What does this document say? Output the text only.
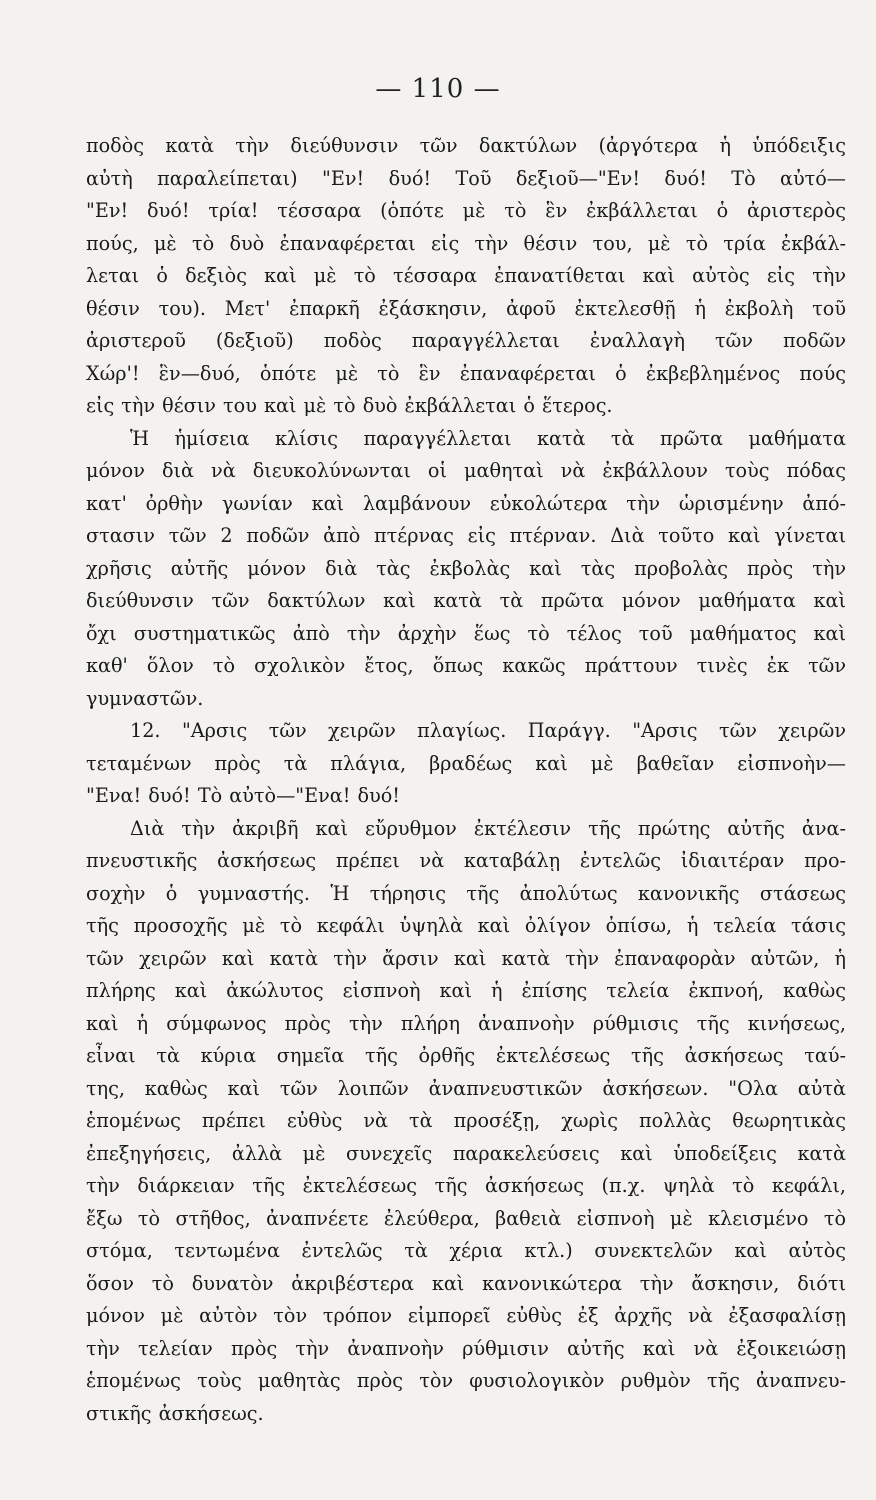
— 110 —
ποδὸς κατὰ τὴν διεύθυνσιν τῶν δακτύλων (ἀργότερα ἡ ὑπόδειξις
αὐτὴ παραλείπεται) "Εν! δυό! Τοῦ δεξιοῦ—"Εν! δυό! Τὸ αὐτό—
"Εν! δυό! τρία! τέσσαρα (ὁπότε μὲ τὸ ἓν ἐκβάλλεται ὁ ἀριστερὸς
πούς, μὲ τὸ δυὸ ἐπαναφέρεται εἰς τὴν θέσιν του, μὲ τὸ τρία ἐκβάλ-
λεται ὁ δεξιὸς καὶ μὲ τὸ τέσσαρα ἐπανατίθεται καὶ αὐτὸς εἰς τὴν
θέσιν του). Μετ' ἐπαρκῆ ἐξάσκησιν, ἀφοῦ ἐκτελεσθῇ ἡ ἐκβολὴ τοῦ
ἀριστεροῦ (δεξιοῦ) ποδὸς παραγγέλλεται ἐναλλαγὴ τῶν ποδῶν
Χώρ'! ἓν—δυό, ὁπότε μὲ τὸ ἓν ἐπαναφέρεται ὁ ἐκβεβλημένος πούς
εἰς τὴν θέσιν του καὶ μὲ τὸ δυὸ ἐκβάλλεται ὁ ἕτερος.
Ἡ ἡμίσεια κλίσις παραγγέλλεται κατὰ τὰ πρῶτα μαθήματα
μόνον διὰ νὰ διευκολύνωνται οἱ μαθηταὶ νὰ ἐκβάλλουν τοὺς πόδας
κατ' ὀρθὴν γωνίαν καὶ λαμβάνουν εὐκολώτερα τὴν ὡρισμένην ἀπό-
στασιν τῶν 2 ποδῶν ἀπὸ πτέρνας εἰς πτέρναν. Διὰ τοῦτο καὶ γίνεται
χρῆσις αὐτῆς μόνον διὰ τὰς ἐκβολὰς καὶ τὰς προβολὰς πρὸς τὴν
διεύθυνσιν τῶν δακτύλων καὶ κατὰ τὰ πρῶτα μόνον μαθήματα καὶ
ὄχι συστηματικῶς ἀπὸ τὴν ἀρχὴν ἕως τὸ τέλος τοῦ μαθήματος καὶ
καθ' ὅλον τὸ σχολικὸν ἔτος, ὅπως κακῶς πράττουν τινὲς ἐκ τῶν
γυμναστῶν.
12. "Αρσις τῶν χειρῶν πλαγίως. Παράγγ. "Αρσις τῶν χειρῶν
τεταμένων πρὸς τὰ πλάγια, βραδέως καὶ μὲ βαθεῖαν εἰσπνοὴν—
"Ενα! δυό! Τὸ αὐτὸ—"Ενα! δυό!
Διὰ τὴν ἀκριβῆ καὶ εὔρυθμον ἐκτέλεσιν τῆς πρώτης αὐτῆς ἀνα-
πνευστικῆς ἀσκήσεως πρέπει νὰ καταβάλῃ ἐντελῶς ἰδιαιτέραν προ-
σοχὴν ὁ γυμναστής. Ἡ τήρησις τῆς ἀπολύτως κανονικῆς στάσεως
τῆς προσοχῆς μὲ τὸ κεφάλι ὑψηλὰ καὶ ὀλίγον ὀπίσω, ἡ τελεία τάσις
τῶν χειρῶν καὶ κατὰ τὴν ἄρσιν καὶ κατὰ τὴν ἐπαναφορὰν αὐτῶν, ἡ
πλήρης καὶ ἀκώλυτος εἰσπνοὴ καὶ ἡ ἐπίσης τελεία ἐκπνοή, καθὼς
καὶ ἡ σύμφωνος πρὸς τὴν πλήρη ἀναπνοὴν ρύθμισις τῆς κινήσεως,
εἶναι τὰ κύρια σημεῖα τῆς ὀρθῆς ἐκτελέσεως τῆς ἀσκήσεως ταύ-
της, καθὼς καὶ τῶν λοιπῶν ἀναπνευστικῶν ἀσκήσεων. "Ολα αὐτὰ
ἑπομένως πρέπει εὐθὺς νὰ τὰ προσέξῃ, χωρὶς πολλὰς θεωρητικὰς
ἐπεξηγήσεις, ἀλλὰ μὲ συνεχεῖς παρακελεύσεις καὶ ὑποδείξεις κατὰ
τὴν διάρκειαν τῆς ἐκτελέσεως τῆς ἀσκήσεως (π.χ. ψηλὰ τὸ κεφάλι,
ἔξω τὸ στῆθος, ἀναπνέετε ἐλεύθερα, βαθειὰ εἰσπνοὴ μὲ κλεισμένο τὸ
στόμα, τεντωμένα ἐντελῶς τὰ χέρια κτλ.) συνεκτελῶν καὶ αὐτὸς
ὅσον τὸ δυνατὸν ἀκριβέστερα καὶ κανονικώτερα τὴν ἄσκησιν, διότι
μόνον μὲ αὐτὸν τὸν τρόπον εἰμπορεῖ εὐθὺς ἐξ ἀρχῆς νὰ ἐξασφαλίσῃ
τὴν τελείαν πρὸς τὴν ἀναπνοὴν ρύθμισιν αὐτῆς καὶ νὰ ἐξοικειώσῃ
ἑπομένως τοὺς μαθητὰς πρὸς τὸν φυσιολογικὸν ρυθμὸν τῆς ἀναπνευ-
στικῆς ἀσκήσεως.
